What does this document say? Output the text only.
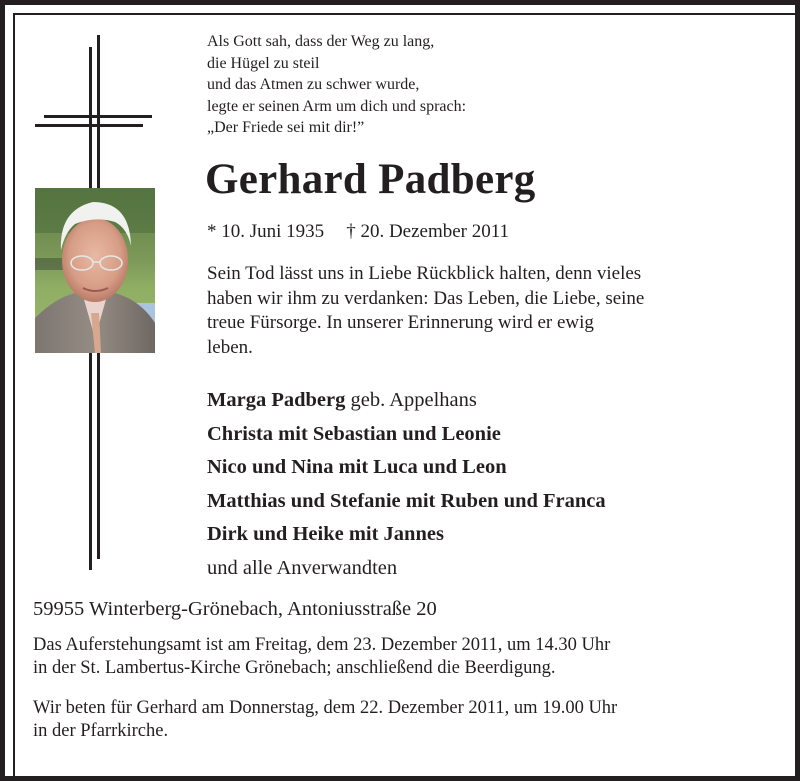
Als Gott sah, dass der Weg zu lang,
die Hügel zu steil
und das Atmen zu schwer wurde,
legte er seinen Arm um dich und sprach:
„Der Friede sei mit dir!”
Gerhard Padberg
* 10. Juni 1935 † 20. Dezember 2011
Sein Tod lässt uns in Liebe Rückblick halten, denn vieles
haben wir ihm zu verdanken: Das Leben, die Liebe, seine
treue Fürsorge. In unserer Erinnerung wird er ewig
leben.
Marga Padberg geb. Appelhans
Christa mit Sebastian und Leonie
Nico und Nina mit Luca und Leon
Matthias und Stefanie mit Ruben und Franca
Dirk und Heike mit Jannes
und alle Anverwandten
59955 Winterberg-Grönebach, Antoniusstraße 20
Das Auferstehungsamt ist am Freitag, dem 23. Dezember 2011, um 14.30 Uhr
in der St. Lambertus-Kirche Grönebach; anschließend die Beerdigung.
Wir beten für Gerhard am Donnerstag, dem 22. Dezember 2011, um 19.00 Uhr
in der Pfarrkirche.
